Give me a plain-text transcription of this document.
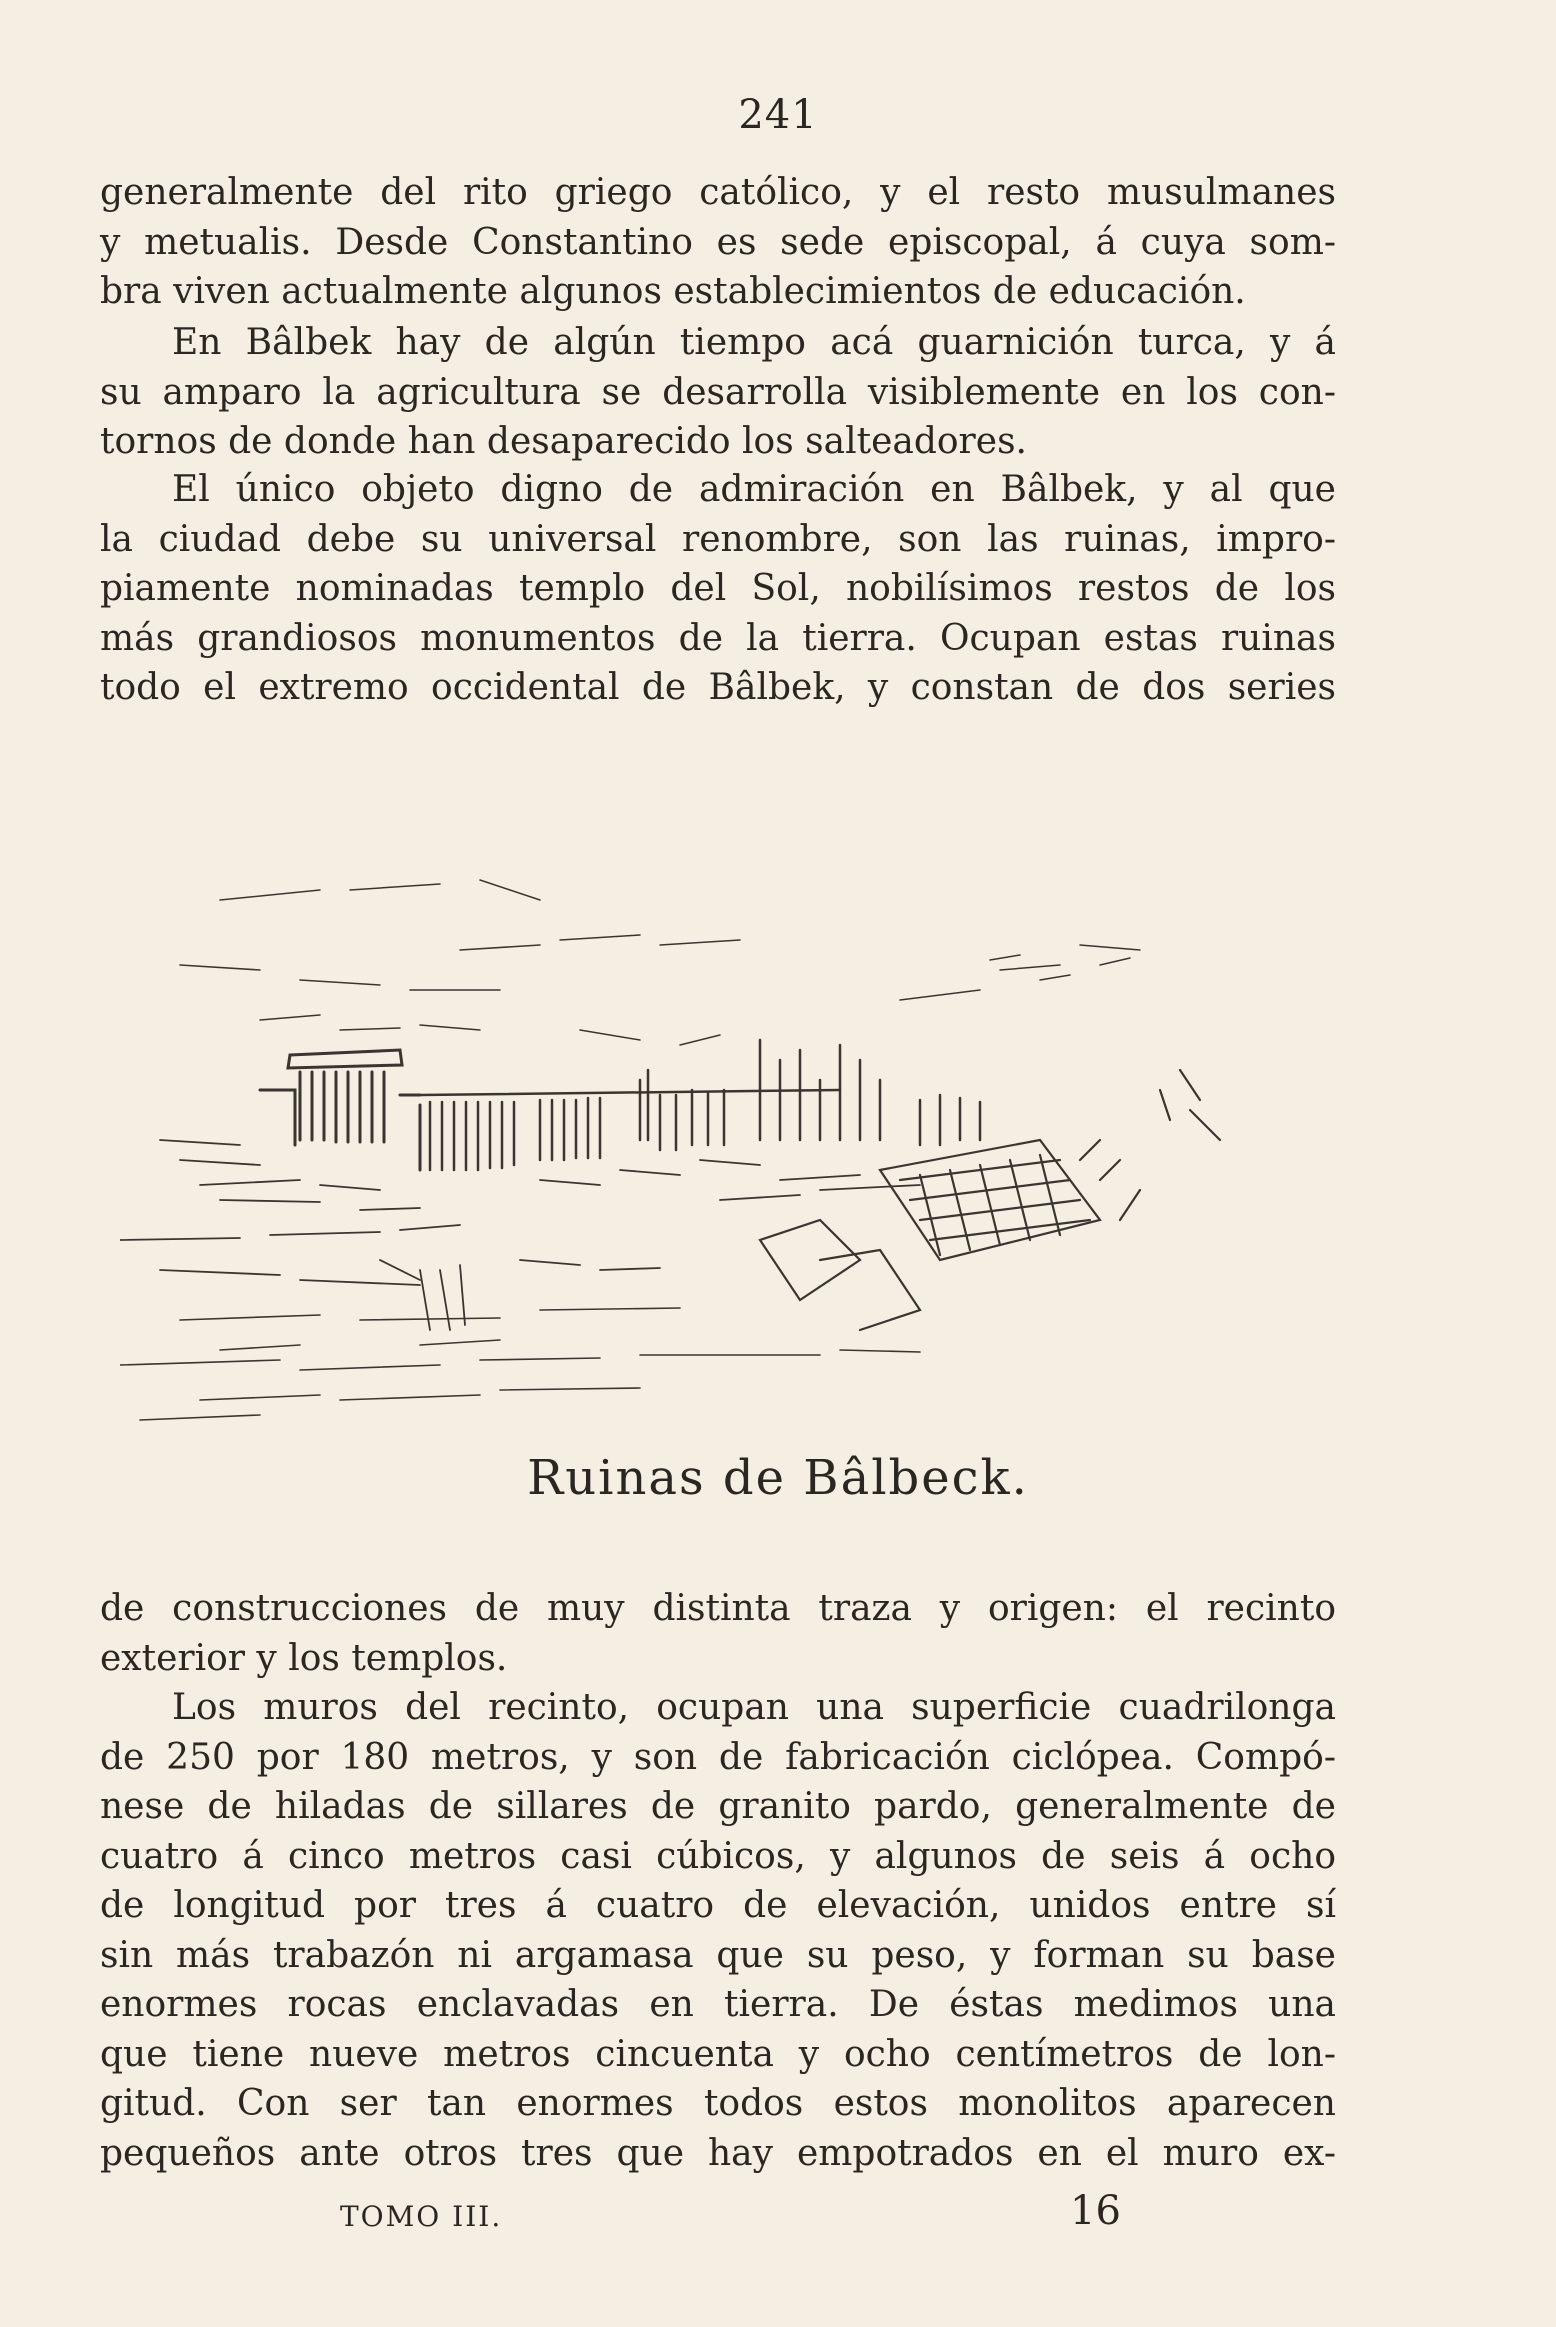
241

generalmente del rito griego católico, y el resto musulmanes
y metualis. Desde Constantino es sede episcopal, á cuya som-
bra viven actualmente algunos establecimientos de educación.

En Bâlbek hay de algún tiempo acá guarnición turca, y á
su amparo la agricultura se desarrolla visiblemente en los con-
tornos de donde han desaparecido los salteadores.

El único objeto digno de admiración en Bâlbek, y al que
la ciudad debe su universal renombre, son las ruinas, impro-
piamente nominadas templo del Sol, nobilísimos restos de los
más grandiosos monumentos de la tierra. Ocupan estas ruinas
todo el extremo occidental de Bâlbek, y constan de dos series

Ruinas de Bâlbeck.

de construcciones de muy distinta traza y origen: el recinto
exterior y los templos.

Los muros del recinto, ocupan una superficie cuadrilonga
de 250 por 180 metros, y son de fabricación ciclópea. Compó-
nese de hiladas de sillares de granito pardo, generalmente de
cuatro á cinco metros casi cúbicos, y algunos de seis á ocho
de longitud por tres á cuatro de elevación, unidos entre sí
sin más trabazón ni argamasa que su peso, y forman su base
enormes rocas enclavadas en tierra. De éstas medimos una
que tiene nueve metros cincuenta y ocho centímetros de lon-
gitud. Con ser tan enormes todos estos monolitos aparecen
pequeños ante otros tres que hay empotrados en el muro ex-

TOMO III.	16
